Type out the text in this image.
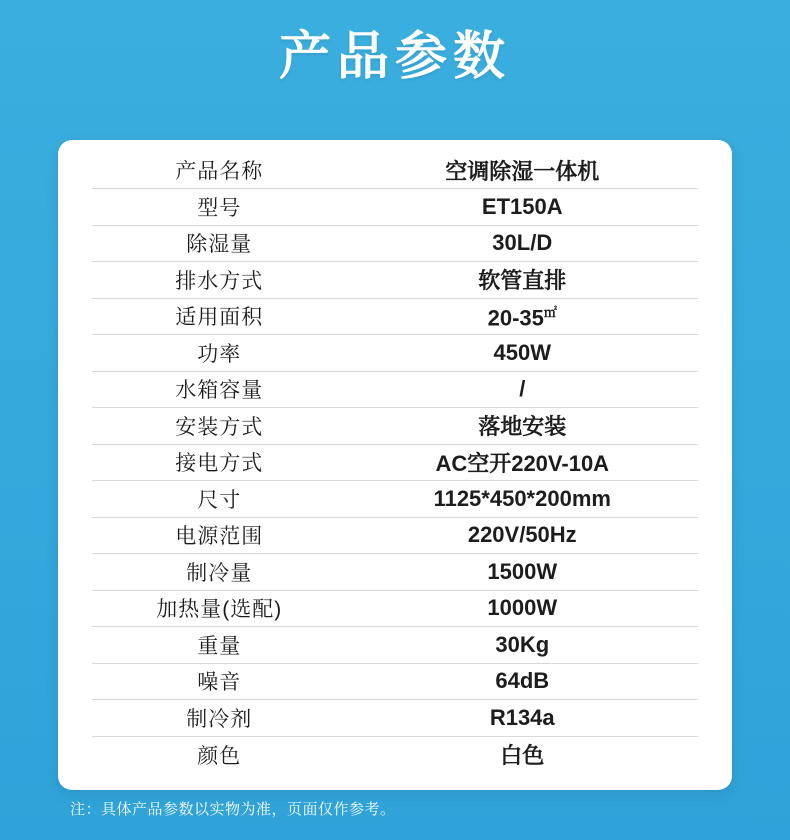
产品参数
产品名称	空调除湿一体机
型号	ET150A
除湿量	30L/D
排水方式	软管直排
适用面积	20-35㎡
功率	450W
水箱容量	/
安装方式	落地安装
接电方式	AC空开220V-10A
尺寸	1125*450*200mm
电源范围	220V/50Hz
制冷量	1500W
加热量(选配)	1000W
重量	30Kg
噪音	64dB
制冷剂	R134a
颜色	白色
注：具体产品参数以实物为准，页面仅作参考。
